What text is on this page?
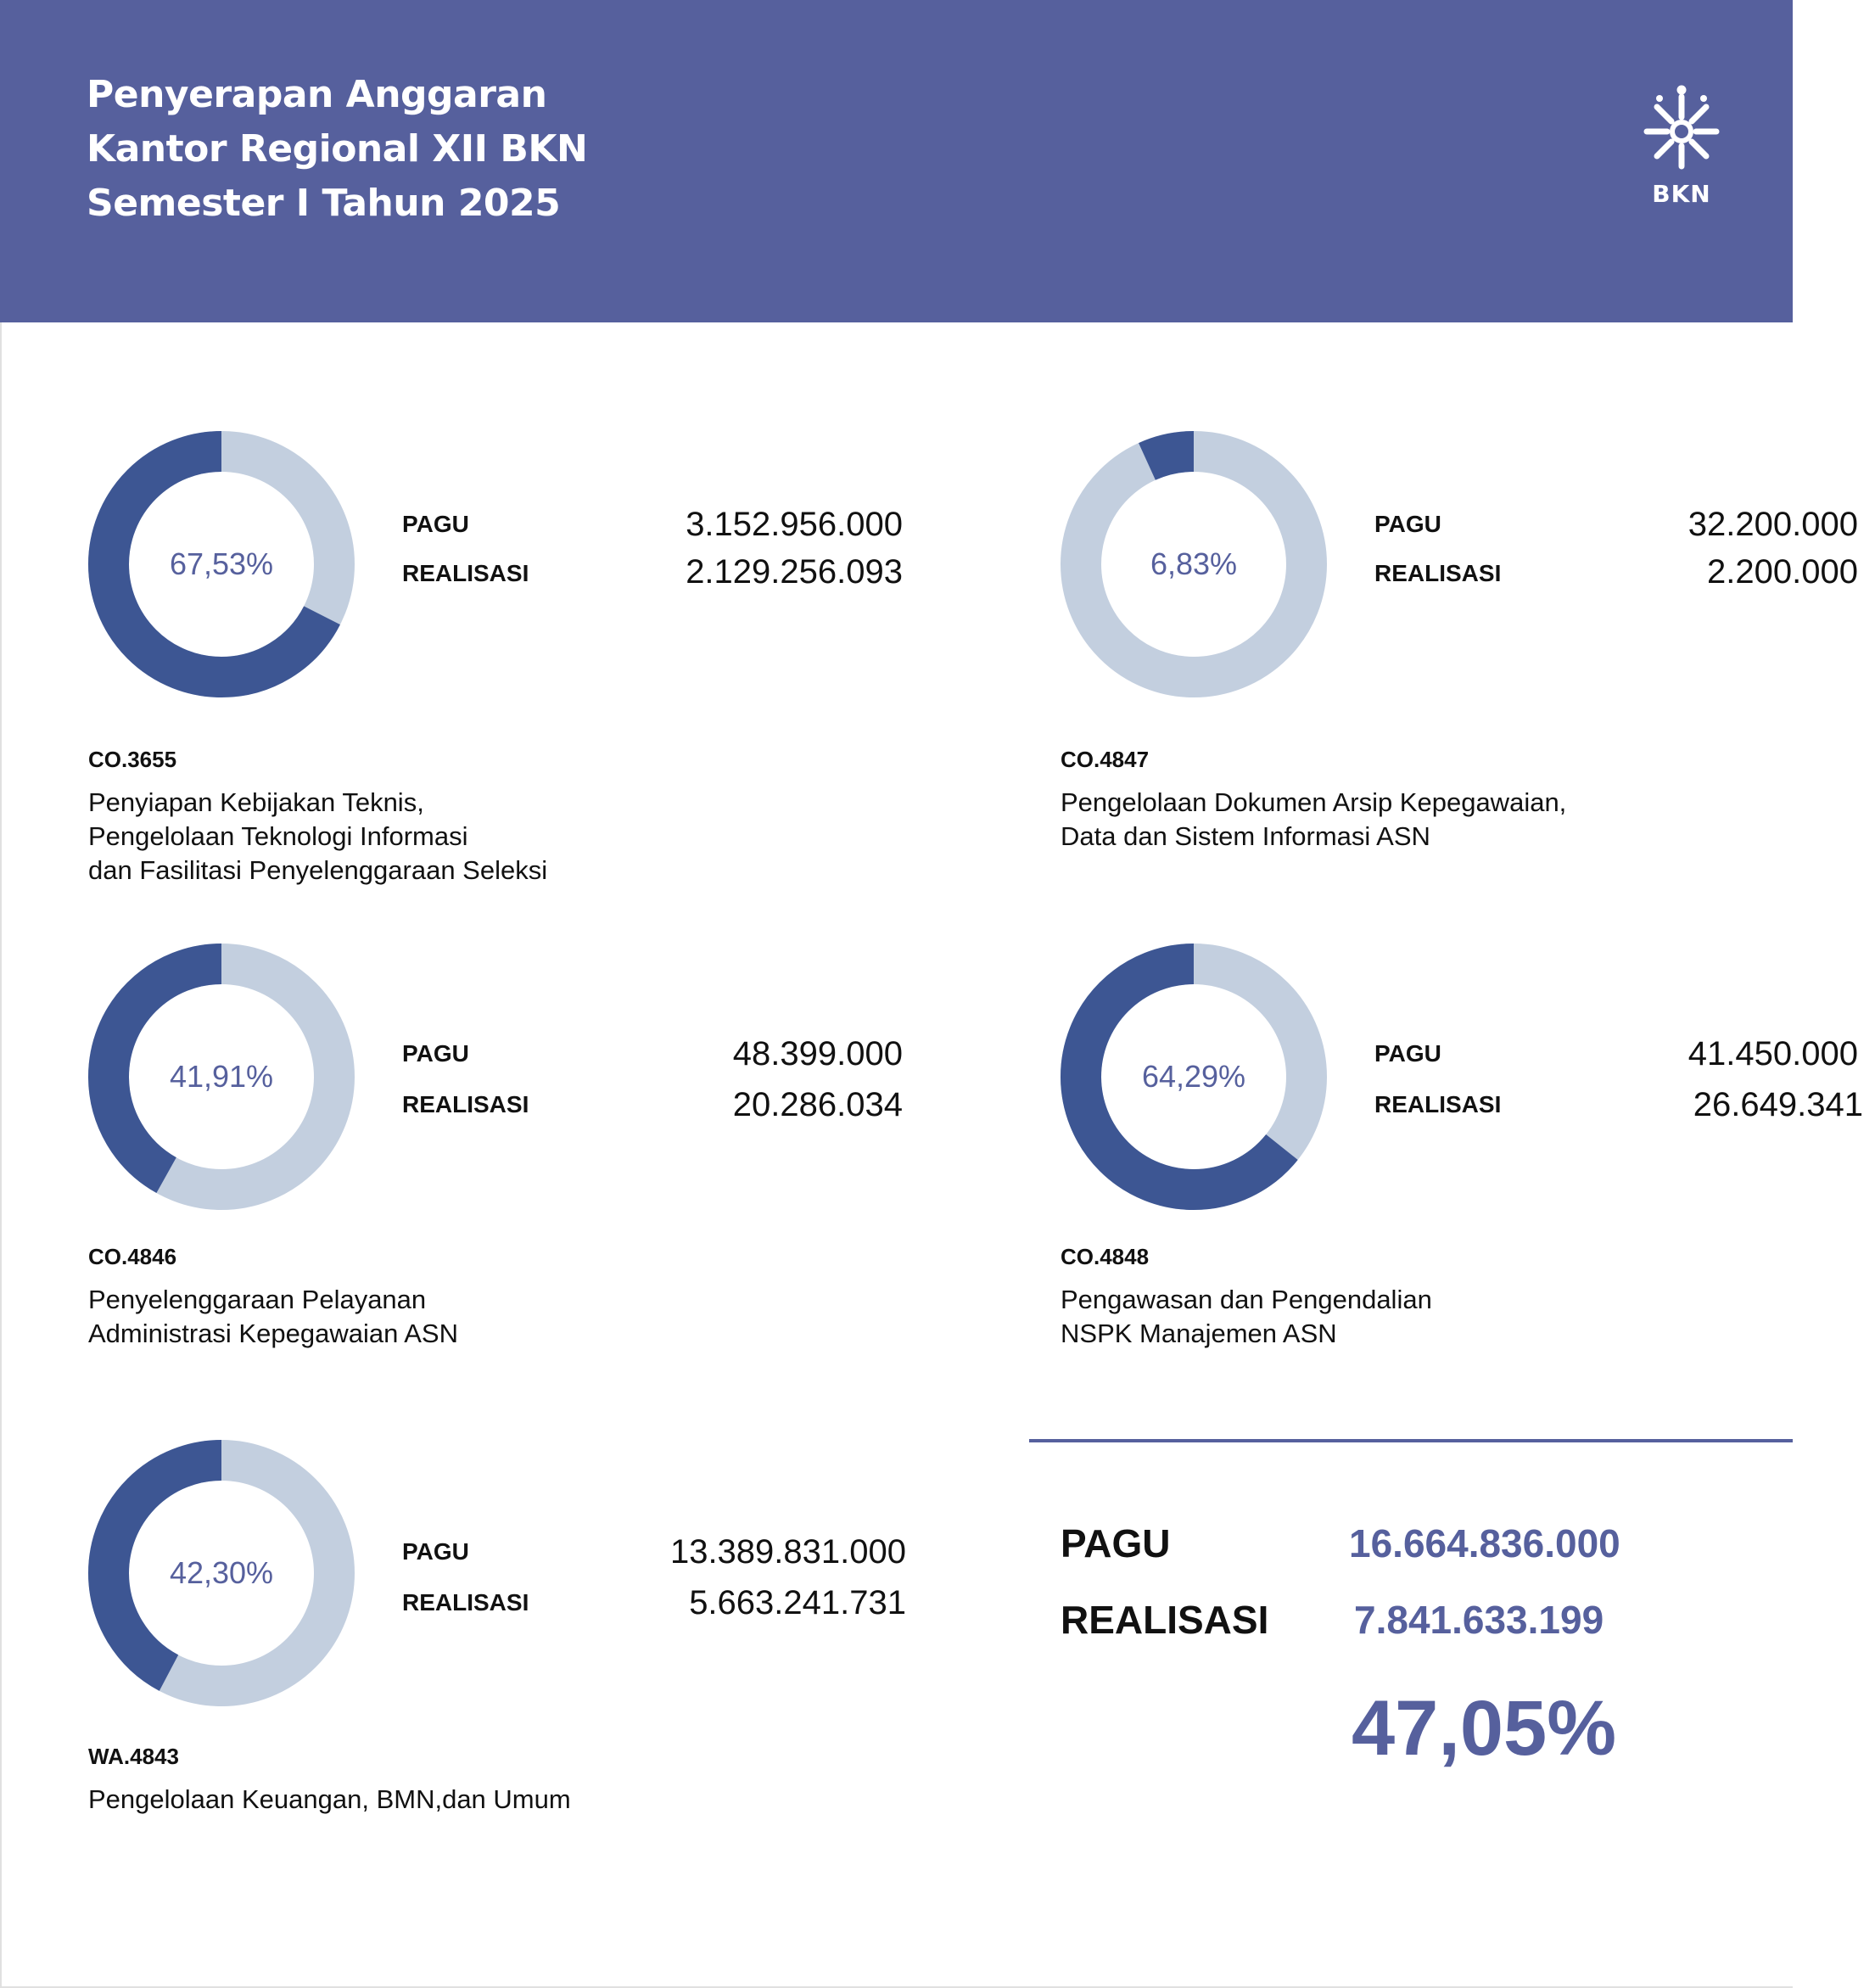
Penyerapan Anggaran
Kantor Regional XII BKN
Semester I Tahun 2025	BKN
67,53%
PAGU	3.152.956.000
REALISASI	2.129.256.093
CO.3655
Penyiapan Kebijakan Teknis,
Pengelolaan Teknologi Informasi
dan Fasilitasi Penyelenggaraan Seleksi
6,83%
PAGU	32.200.000
REALISASI	2.200.000
CO.4847
Pengelolaan Dokumen Arsip Kepegawaian,
Data dan Sistem Informasi ASN
41,91%
PAGU	48.399.000
REALISASI	20.286.034
CO.4846
Penyelenggaraan Pelayanan
Administrasi Kepegawaian ASN
64,29%
PAGU	41.450.000
REALISASI	26.649.341
CO.4848
Pengawasan dan Pengendalian
NSPK Manajemen ASN
42,30%
PAGU	13.389.831.000
REALISASI	5.663.241.731
WA.4843
Pengelolaan Keuangan, BMN,dan Umum
PAGU	16.664.836.000
REALISASI 7.841.633.199
47,05%
